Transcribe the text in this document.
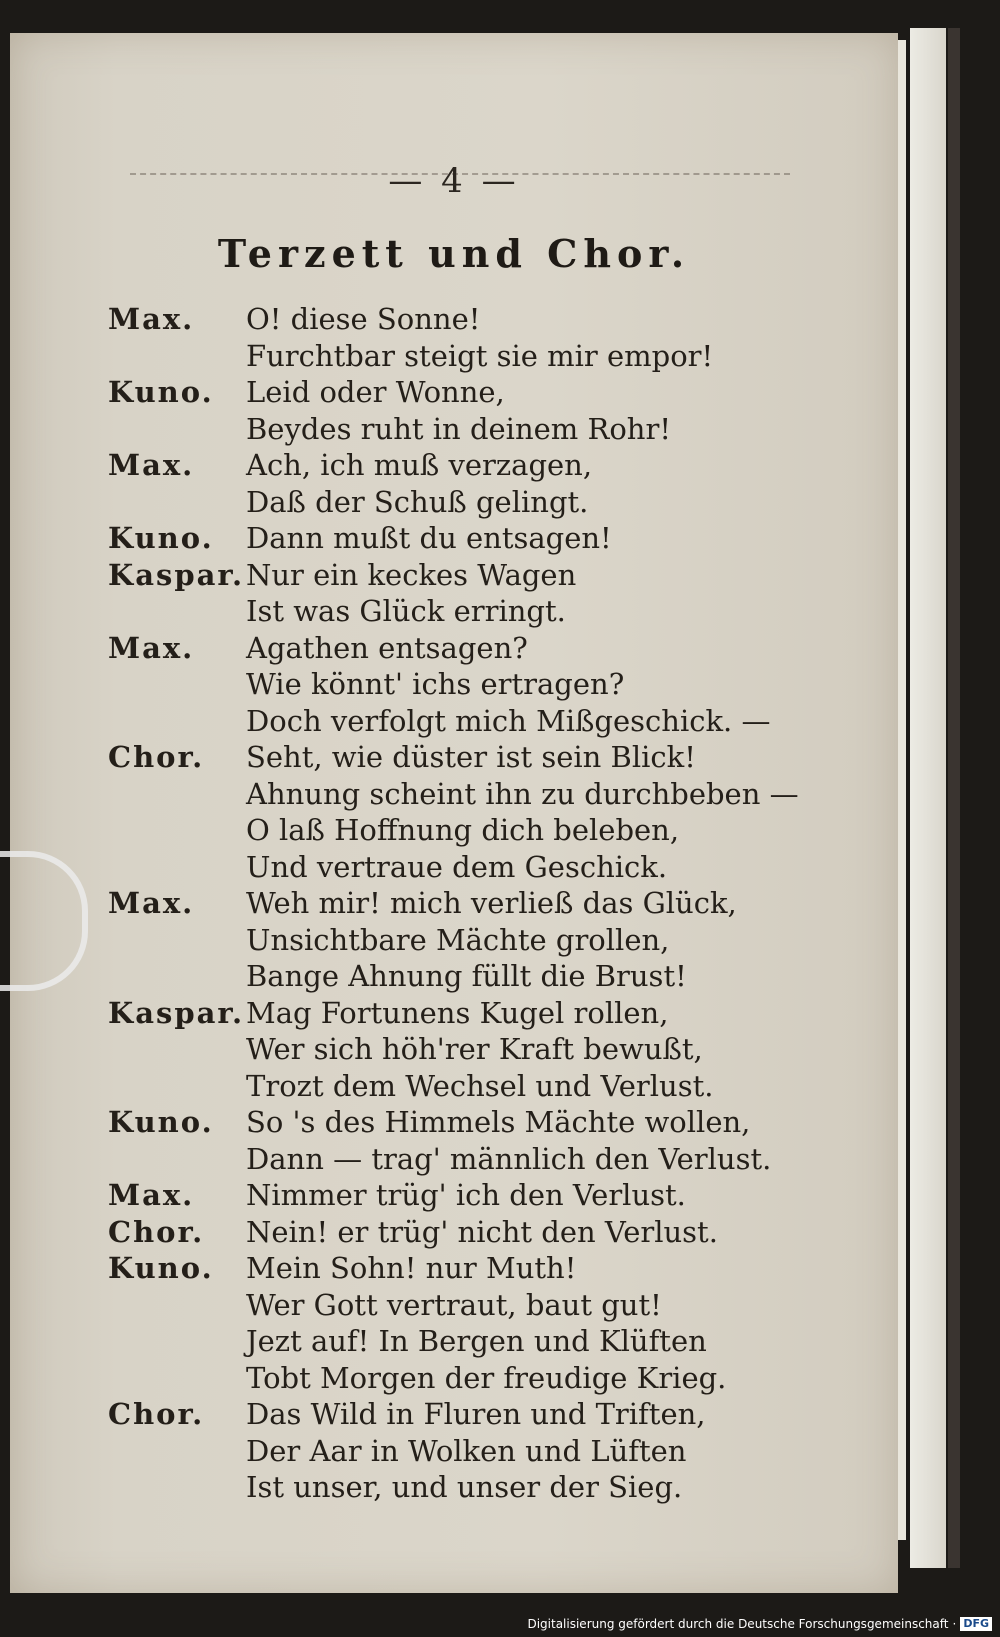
— 4 —
Terzett und Chor.
Max. O! diese Sonne!
Furchtbar steigt sie mir empor!
Kuno. Leid oder Wonne,
Beydes ruht in deinem Rohr!
Max. Ach, ich muß verzagen,
Daß der Schuß gelingt.
Kuno. Dann mußt du entsagen!
Kaspar. Nur ein keckes Wagen
Ist was Glück erringt.
Max. Agathen entsagen?
Wie könnt' ichs ertragen?
Doch verfolgt mich Mißgeschick. —
Chor. Seht, wie düster ist sein Blick!
Ahnung scheint ihn zu durchbeben —
O laß Hoffnung dich beleben,
Und vertraue dem Geschick.
Max. Weh mir! mich verließ das Glück,
Unsichtbare Mächte grollen,
Bange Ahnung füllt die Brust!
Kaspar. Mag Fortunens Kugel rollen,
Wer sich höh'rer Kraft bewußt,
Trozt dem Wechsel und Verlust.
Kuno. So 's des Himmels Mächte wollen,
Dann — trag' männlich den Verlust.
Max. Nimmer trüg' ich den Verlust.
Chor. Nein! er trüg' nicht den Verlust.
Kuno. Mein Sohn! nur Muth!
Wer Gott vertraut, baut gut!
Jezt auf! In Bergen und Klüften
Tobt Morgen der freudige Krieg.
Chor. Das Wild in Fluren und Triften,
Der Aar in Wolken und Lüften
Ist unser, und unser der Sieg.
Digitalisierung gefördert durch die Deutsche Forschungsgemeinschaft · DFG
